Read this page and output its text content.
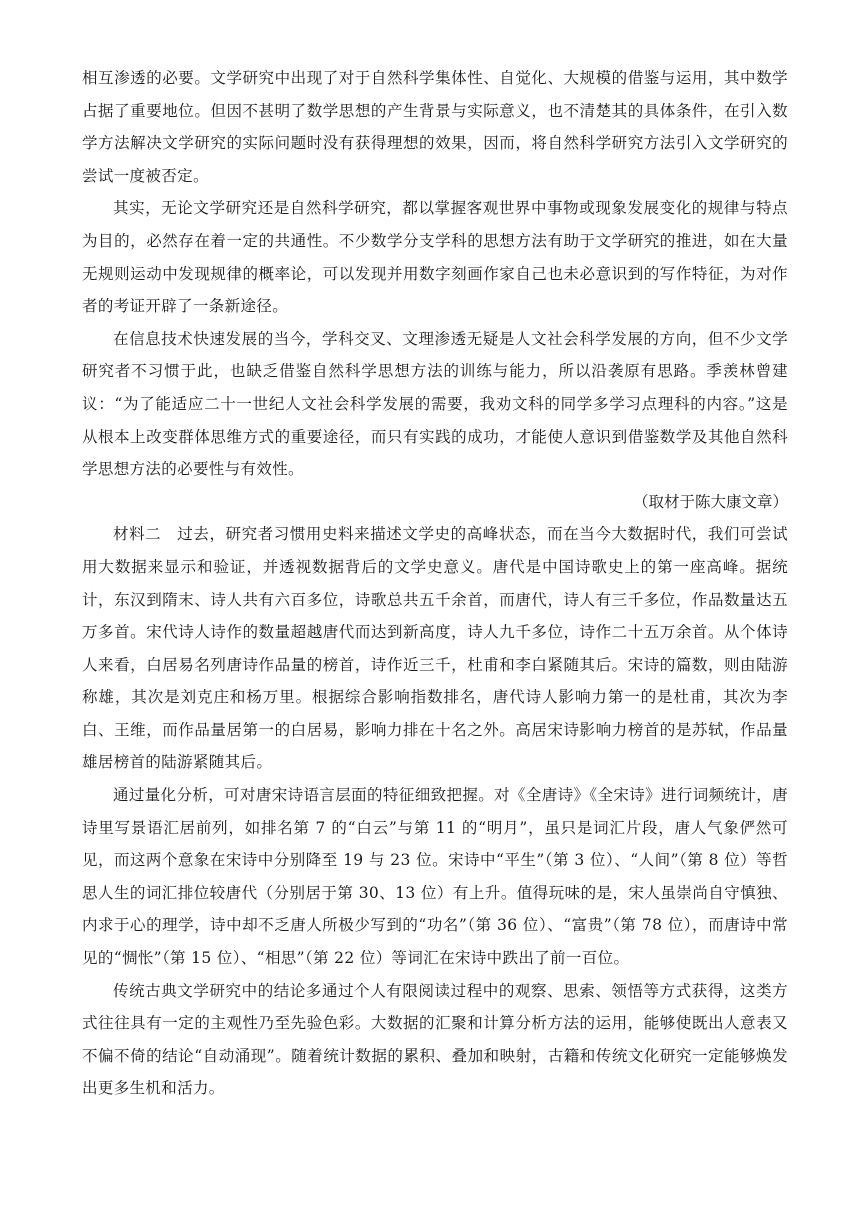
相互渗透的必要。文学研究中出现了对于自然科学集体性、自觉化、大规模的借鉴与运用，其中数学占据了重要地位。但因不甚明了数学思想的产生背景与实际意义，也不清楚其的具体条件，在引入数学方法解决文学研究的实际问题时没有获得理想的效果，因而，将自然科学研究方法引入文学研究的尝试一度被否定。

其实，无论文学研究还是自然科学研究，都以掌握客观世界中事物或现象发展变化的规律与特点为目的，必然存在着一定的共通性。不少数学分支学科的思想方法有助于文学研究的推进，如在大量无规则运动中发现规律的概率论，可以发现并用数字刻画作家自己也未必意识到的写作特征，为对作者的考证开辟了一条新途径。

在信息技术快速发展的当今，学科交叉、文理渗透无疑是人文社会科学发展的方向，但不少文学研究者不习惯于此，也缺乏借鉴自然科学思想方法的训练与能力，所以沿袭原有思路。季羡林曾建议：“为了能适应二十一世纪人文社会科学发展的需要，我劝文科的同学多学习点理科的内容。”这是从根本上改变群体思维方式的重要途径，而只有实践的成功，才能使人意识到借鉴数学及其他自然科学思想方法的必要性与有效性。

（取材于陈大康文章）

材料二　过去，研究者习惯用史料来描述文学史的高峰状态，而在当今大数据时代，我们可尝试用大数据来显示和验证，并透视数据背后的文学史意义。唐代是中国诗歌史上的第一座高峰。据统计，东汉到隋末、诗人共有六百多位，诗歌总共五千余首，而唐代，诗人有三千多位，作品数量达五万多首。宋代诗人诗作的数量超越唐代而达到新高度，诗人九千多位，诗作二十五万余首。从个体诗人来看，白居易名列唐诗作品量的榜首，诗作近三千，杜甫和李白紧随其后。宋诗的篇数，则由陆游称雄，其次是刘克庄和杨万里。根据综合影响指数排名，唐代诗人影响力第一的是杜甫，其次为李白、王维，而作品量居第一的白居易，影响力排在十名之外。高居宋诗影响力榜首的是苏轼，作品量雄居榜首的陆游紧随其后。

通过量化分析，可对唐宋诗语言层面的特征细致把握。对《全唐诗》《全宋诗》进行词频统计，唐诗里写景语汇居前列，如排名第 7 的“白云”与第 11 的“明月”，虽只是词汇片段，唐人气象俨然可见，而这两个意象在宋诗中分别降至 19 与 23 位。宋诗中“平生”（第 3 位）、“人间”（第 8 位）等哲思人生的词汇排位较唐代（分别居于第 30、13 位）有上升。值得玩味的是，宋人虽崇尚自守慎独、内求于心的理学，诗中却不乏唐人所极少写到的“功名”（第 36 位）、“富贵”（第 78 位），而唐诗中常见的“惆怅”（第 15 位）、“相思”（第 22 位）等词汇在宋诗中跌出了前一百位。

传统古典文学研究中的结论多通过个人有限阅读过程中的观察、思索、领悟等方式获得，这类方式往往具有一定的主观性乃至先验色彩。大数据的汇聚和计算分析方法的运用，能够使既出人意表又不偏不倚的结论“自动涌现”。随着统计数据的累积、叠加和映射，古籍和传统文化研究一定能够焕发出更多生机和活力。
